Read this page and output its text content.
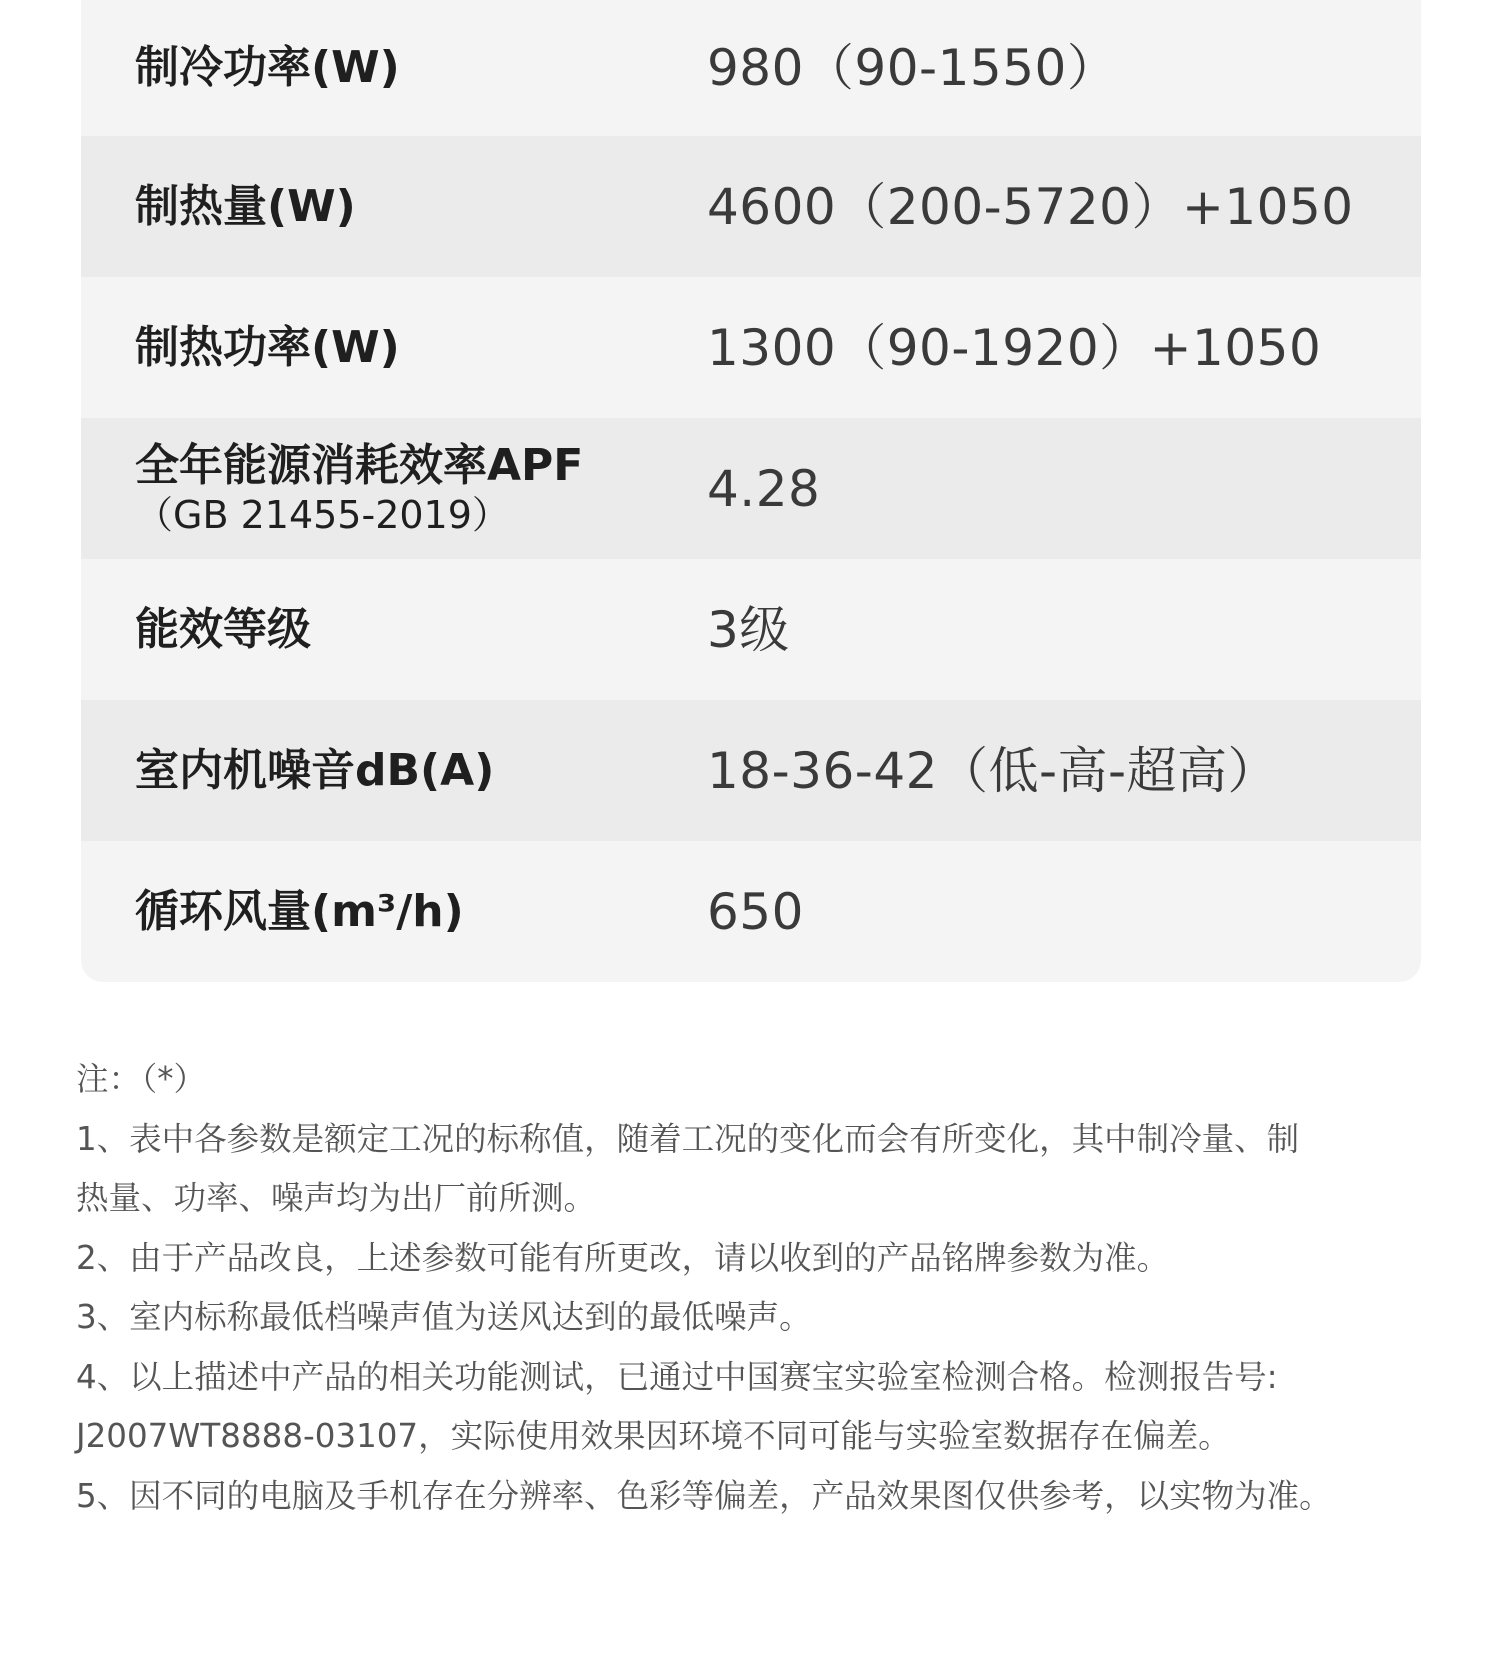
制冷功率(W)	980（90-1550）
制热量(W)	4600（200-5720）+1050
制热功率(W)	1300（90-1920）+1050
全年能源消耗效率APF
（GB 21455-2019）	4.28
能效等级	3级
室内机噪音dB(A)	18-36-42（低-高-超高）
循环风量(m³/h)	650
注：（*）
1、表中各参数是额定工况的标称值，随着工况的变化而会有所变化，其中制冷量、制
热量、功率、噪声均为出厂前所测。
2、由于产品改良，上述参数可能有所更改，请以收到的产品铭牌参数为准。
3、室内标称最低档噪声值为送风达到的最低噪声。
4、以上描述中产品的相关功能测试，已通过中国赛宝实验室检测合格。检测报告号:
J2007WT8888-03107，实际使用效果因环境不同可能与实验室数据存在偏差。
5、因不同的电脑及手机存在分辨率、色彩等偏差，产品效果图仅供参考，以实物为准。
